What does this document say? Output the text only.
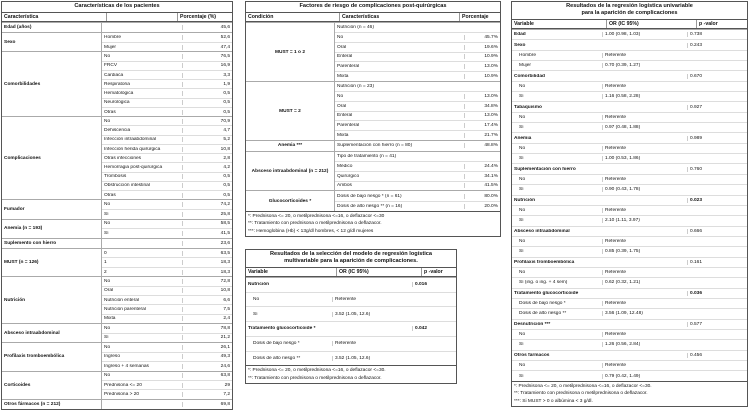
Características de los pacientes
Característica	Porcentaje (%)
Edad (años)	45,6
Sexo
Hombre	52,6
Mujer	47,4
Comorbilidades
No	76,5
FRCV	16,9
Cardiaca	3,3
Respiratoria	1,9
Hematológica	0,5
Neurológica	0,5
Otras	0,5
Complicaciones
No	70,9
Dehiscencia	4,7
Infección intraabdominal	5,2
Infección herida quirúrgica	10,8
Otras infecciones	2,8
Hemorragia post-quirúrgica	4,2
Trombosis	0,5
Obstrucción intestinal	0,5
Otras	0,5
Fumador
No	74,2
Sí	25,8
Anemia (n = 193)
No	58,5
Sí	41,5
Suplemento con hierro	23,6
MUST (n = 126)
0	63,5
1	18,3
2	18,3
Nutrición
No	72,8
Oral	10,8
Nutrición enteral	6,6
Nutrición parenteral	7,5
Mixta	2,4
Absceso intraabdominal
No	78,8
Sí	21,2
Profilaxis tromboembólica
No	26,1
Ingreso	49,3
Ingreso + 4 semanas	24,6
Corticoides
No	63,8
Prednisona <= 20	29
Prednisona > 20	7,2
Otros fármacos (n = 212)	69,8
Factores de riesgo de complicaciones post-quirúrgicas
Condición	Características	Porcentaje
MUST = 1 o 2
Nutrición (n = 46)
No	45.7%
Oral	19.6%
Enteral	10.9%
Parenteral	13.0%
Mixta	10.9%
MUST = 2
Nutrición (n = 23)
No	13.0%
Oral	34.8%
Enteral	13.0%
Parenteral	17.4%
Mixta	21.7%
Anemia ***	Suplementación con hierro (n = 80)	48.8%
Absceso intraabdominal (n = 212)
Tipo de tratamiento (n = 41)
Médico	24.4%
Quirúrgico	34.1%
Ambos	41.5%
Glucocorticoides *
Dosis de bajo riesgo * (n = 61)	80.0%
Dosis de alto riesgo ** (n = 16)	20.0%
*: Prednisona <= 20, o metilprednisona <=16, o deflazacor <=30
**: Tratamiento con prednisona o metilprednisona o deflazacor.
***: Hemoglobina (Hb) < 13g/dl hombres, < 12 g/dl mujeres
Resultados de la selección del modelo de regresión logística
multivariable para la aparición de complicaciones.
Variable	OR (IC 95%)	p -valor
Nutrición	0.016
No	Referente
Sí	3.52 (1.05, 12.6)
Tratamiento glucocorticoide *	0.042
Dosis de bajo riesgo *	Referente
Dosis de alto riesgo **	3.52 (1.05, 12.6)
*: Prednisona <= 20, o metilprednisona <=16, o deflazacor <=30.
**: Tratamiento con prednisona o metilprednisona o deflazacor.
Resultados de la regresión logística univariable
para la aparición de complicaciones
Variable	OR (IC 95%)	p -valor
Edad	1.00 (0.98, 1.03)	0.738
Sexo	0.243
Hombre	Referente
Mujer	0.70 (0.39, 1.27)
Comorbilidad	0.670
No	Referente
Sí	1.16 (0.58, 2.28)
Tabaquismo	0.927
No	Referente
Sí	0.97 (0.48, 1.88)
Anemia	0.989
No	Referente
Sí	1.00 (0.53, 1.86)
Suplementación con hierro	0.760
No	Referente
Sí	0.90 (0.43, 1.78)
Nutrición	0.023
No	Referente
Sí	2.10 (1.11, 3.97)
Absceso intraabdominal	0.666
No	Referente
Sí	0.85 (0.39, 1.75)
Profilaxis tromboembólica	0.161
No	Referente
Sí (ing. o ing. + 4 sem)	0.62 (0.32, 1.21)
Tratamiento glucocorticoide	0.036
Dosis de bajo riesgo *	Referente
Dosis de alto riesgo **	3.56 (1.09, 12.48)
Desnutrición ***	0.577
No	Referente
Sí	1.26 (0.56, 2.84)
Otros fármacos	0.456
No	Referente
Sí	0.79 (0.42, 1.49)
*: Prednisona <= 20, o metilprednisona <=16, o deflazacor <=30.
**: Tratamiento con prednisona o metilprednisona o deflazacor.
***: Si MUST > 0 o albúmina < 3 g/dl.
